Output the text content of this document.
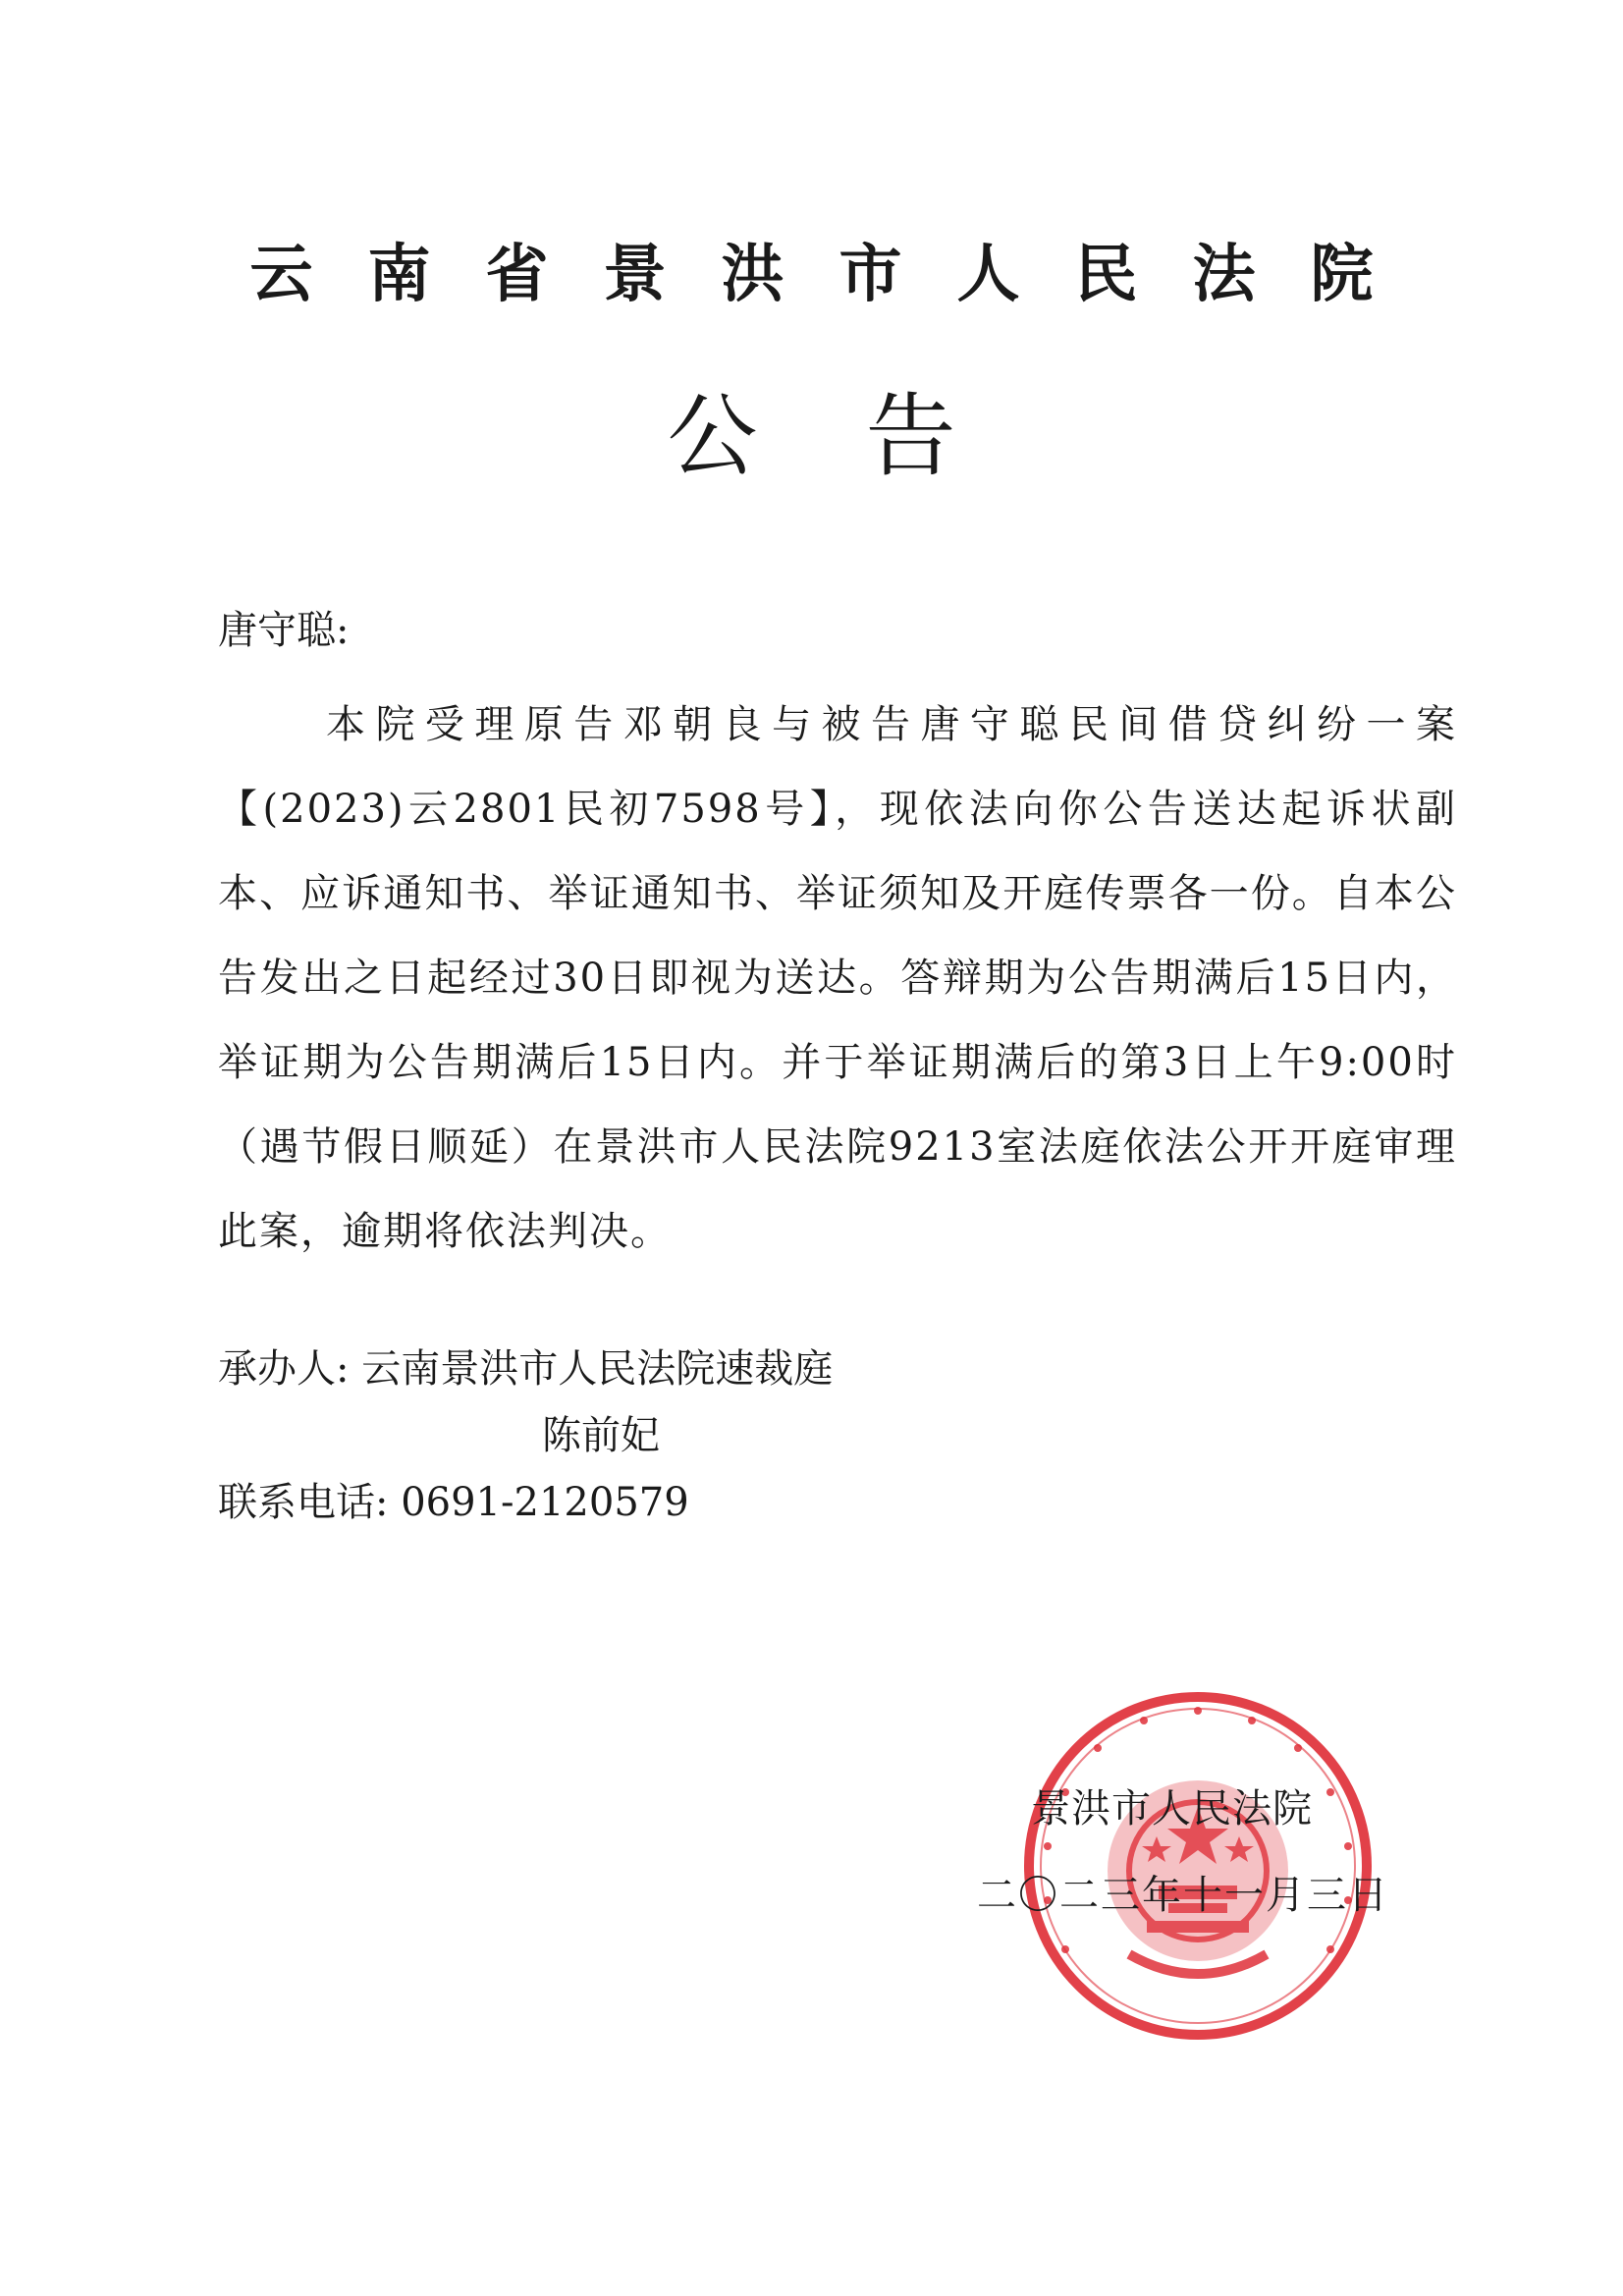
云南省景洪市人民法院
公告
唐守聪:
本院受理原告邓朝良与被告唐守聪民间借贷纠纷一案【(2023)云2801民初7598号】，现依法向你公告送达起诉状副本、应诉通知书、举证通知书、举证须知及开庭传票各一份。自本公告发出之日起经过30日即视为送达。答辩期为公告期满后15日内，举证期为公告期满后15日内。并于举证期满后的第3日上午9:00时（遇节假日顺延）在景洪市人民法院9213室法庭依法公开开庭审理此案，逾期将依法判决。
承办人: 云南景洪市人民法院速裁庭
陈前妃
联系电话: 0691-2120579
景洪市人民法院
二〇二三年十一月三日
